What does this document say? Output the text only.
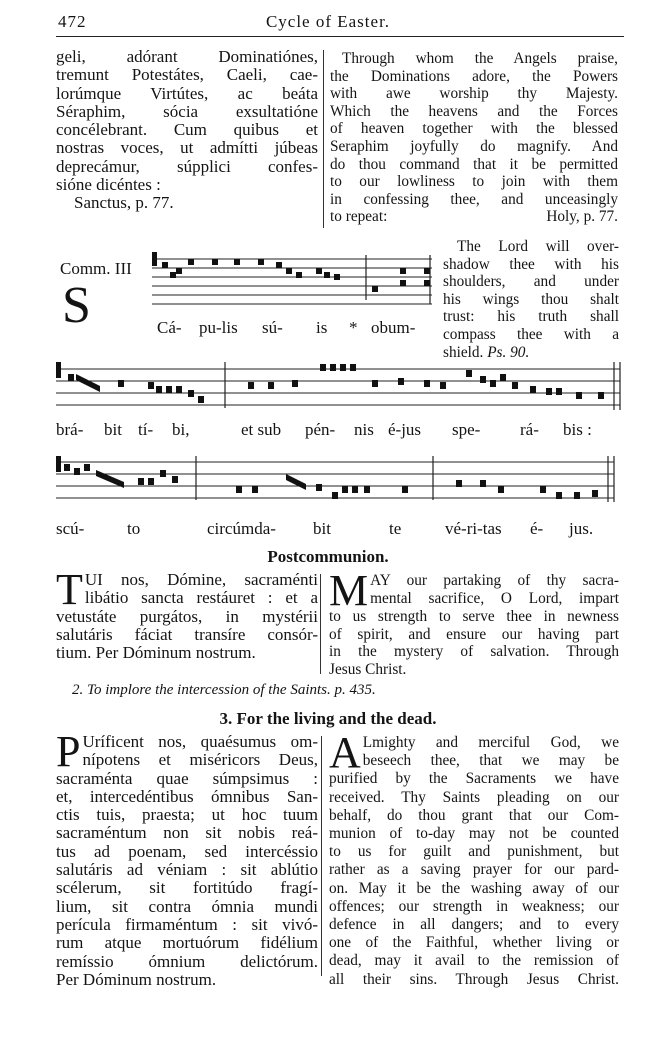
472	Cycle of Easter.
geli, adórant Dominatiónes,
tremunt Potestátes, Caeli, cae-
lorúmque Virtútes, ac beáta
Séraphim, sócia exsultatióne
concélebrant. Cum quibus et
nostras voces, ut admítti júbeas
deprecámur, súpplici confes-
sióne dicéntes :
Sanctus, p. 77.
Through whom the Angels praise,
the Dominations adore, the Powers
with awe worship thy Majesty.
Which the heavens and the Forces
of heaven together with the blessed
Seraphim joyfully do magnify. And
do thou command that it be permitted
to our lowliness to join with them
in confessing thee, and unceasingly
to repeat:	Holy, p. 77.
Comm. III
S	Cá- pu-lis sú- is * obum-
The Lord will over-
shadow thee with his
shoulders, and under
his wings thou shalt
trust: his truth shall
compass thee with a
shield. Ps. 90.
brá- bit tí- bi,	et sub pén- nis é-jus spe- rá- bis :
scú-	to	circúmda- bit	te	vé-ri-tas é- jus.
Postcommunion.
T UI nos, Dómine, sacraménti
libátio sancta restáuret : et a
vetustáte purgátos, in mystérii
salutáris fáciat transíre consór-
tium. Per Dóminum nostrum.
M AY our partaking of thy sacra-
mental sacrifice, O Lord, impart
to us strength to serve thee in newness
of spirit, and ensure our having part
in the mystery of salvation. Through
Jesus Christ.
2. To implore the intercession of the Saints. p. 435.
3. For the living and the dead.
P Uríficent nos, quaésumus om-
nípotens et miséricors Deus,
sacraménta quae súmpsimus :
et, intercedéntibus ómnibus San-
ctis tuis, praesta; ut hoc tuum
sacraméntum non sit nobis reá-
tus ad poenam, sed intercéssio
salutáris ad véniam : sit ablútio
scélerum, sit fortitúdo fragí-
lium, sit contra ómnia mundi
perícula firmaméntum : sit vivó-
rum atque mortuórum fidélium
remíssio ómnium delictórum.
Per Dóminum nostrum.
A Lmighty and merciful God, we
beseech thee, that we may be
purified by the Sacraments we have
received. Thy Saints pleading on our
behalf, do thou grant that our Com-
munion of to-day may not be counted
to us for guilt and punishment, but
rather as a saving prayer for our pard-
on. May it be the washing away of our
offences; our strength in weakness; our
defence in all dangers; and to every
one of the Faithful, whether living or
dead, may it avail to the remission of
all their sins. Through Jesus Christ.
